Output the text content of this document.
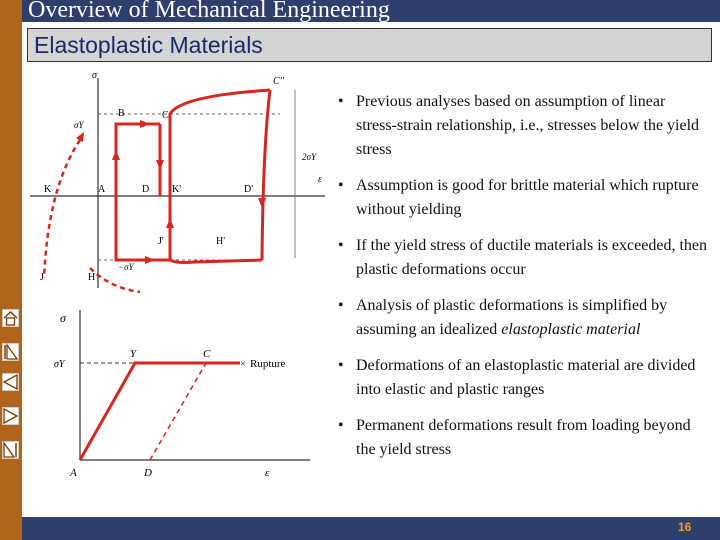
Overview of Mechanical Engineering
Elastoplastic Materials
σ
C''
B	C
σY
2σY
ε
K	A	D K'	D'
J'	H'
−σY
J	H
×
σ
σY
Y	C
Rupture
A	D	ε
• Previous analyses based on assumption of linear stress-strain relationship, i.e., stresses below the yield stress
• Assumption is good for brittle material which rupture without yielding
• If the yield stress of ductile materials is exceeded, then plastic deformations occur
• Analysis of plastic deformations is simplified by assuming an idealized elastoplastic material
• Deformations of an elastoplastic material are divided into elastic and plastic ranges
• Permanent deformations result from loading beyond the yield stress
16
